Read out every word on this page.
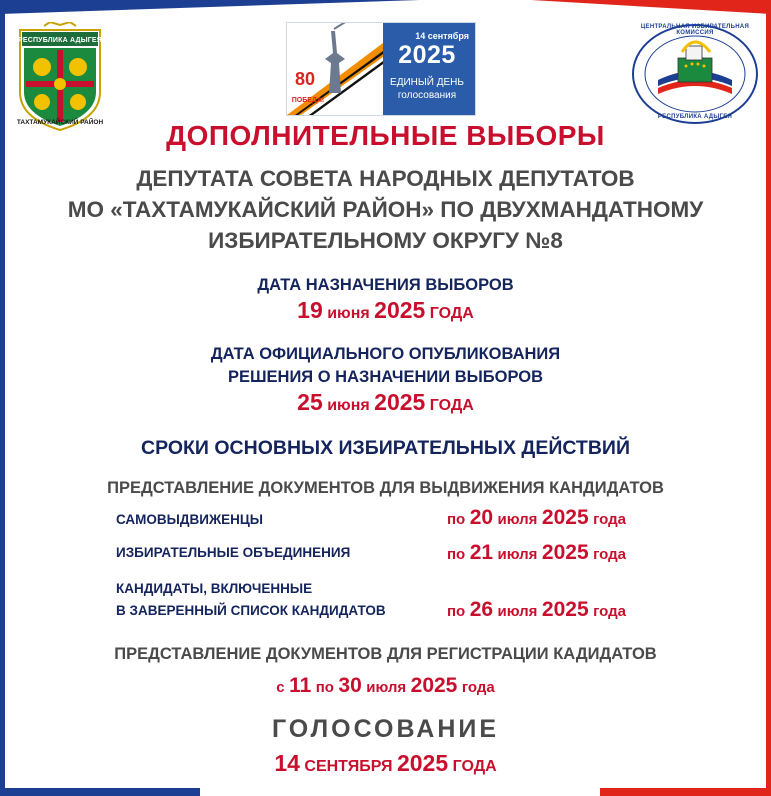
РЕСПУБЛИКА АДЫГЕЯ
ТАХТАМУКАЙСКИЙ РАЙОН
80
14 сентября
2025
ЕДИНЫЙ ДЕНЬ
голосования
ПОБЕДА!
ЦЕНТРАЛЬНАЯ ИЗБИРАТЕЛЬНАЯ КОМИССИЯ
РЕСПУБЛИКА АДЫГЕЯ
ДОПОЛНИТЕЛЬНЫЕ ВЫБОРЫ
ДЕПУТАТА СОВЕТА НАРОДНЫХ ДЕПУТАТОВ
МО «ТАХТАМУКАЙСКИЙ РАЙОН» ПО ДВУХМАНДАТНОМУ
ИЗБИРАТЕЛЬНОМУ ОКРУГУ №8
ДАТА НАЗНАЧЕНИЯ ВЫБОРОВ
19 июня 2025 ГОДА
ДАТА ОФИЦИАЛЬНОГО ОПУБЛИКОВАНИЯ
РЕШЕНИЯ О НАЗНАЧЕНИИ ВЫБОРОВ
25 июня 2025 ГОДА
СРОКИ ОСНОВНЫХ ИЗБИРАТЕЛЬНЫХ ДЕЙСТВИЙ
ПРЕДСТАВЛЕНИЕ ДОКУМЕНТОВ ДЛЯ ВЫДВИЖЕНИЯ КАНДИДАТОВ
САМОВЫДВИЖЕНЦЫ	по 20 июля 2025 года
ИЗБИРАТЕЛЬНЫЕ ОБЪЕДИНЕНИЯ	по 21 июля 2025 года
КАНДИДАТЫ, ВКЛЮЧЕННЫЕ
В ЗАВЕРЕННЫЙ СПИСОК КАНДИДАТОВ	по 26 июля 2025 года
ПРЕДСТАВЛЕНИЕ ДОКУМЕНТОВ ДЛЯ РЕГИСТРАЦИИ КАДИДАТОВ
с 11 по 30 июля 2025 года
ГОЛОСОВАНИЕ
14 СЕНТЯБРЯ 2025 ГОДА
